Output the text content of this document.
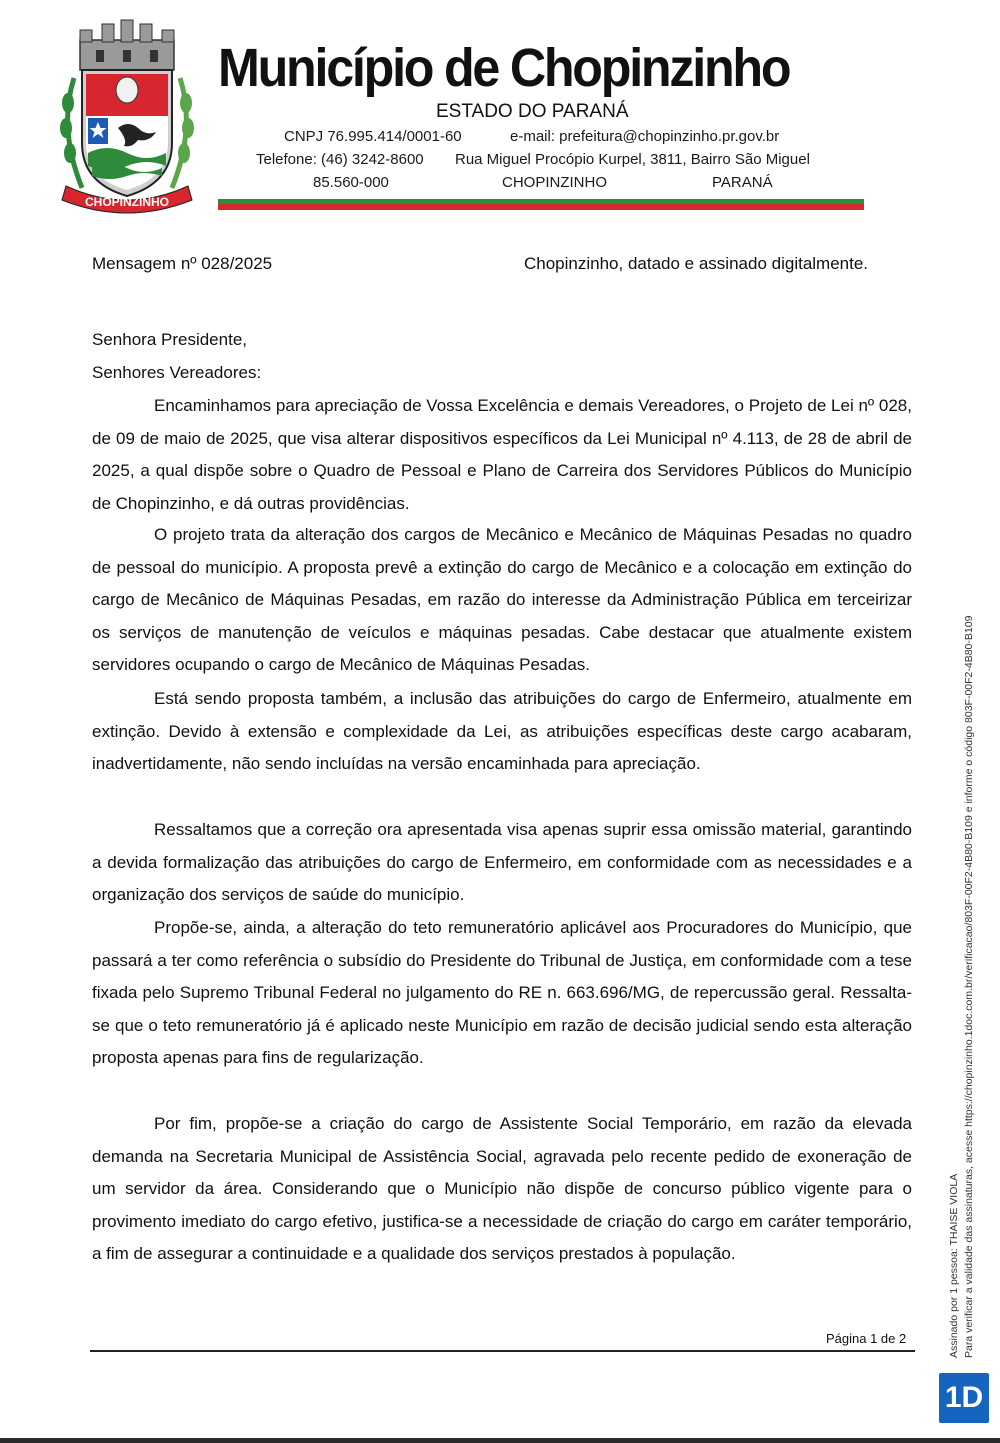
CHOPINZINHO
Município de Chopinzinho
ESTADO DO PARANÁ
CNPJ 76.995.414/0001-60	e-mail: prefeitura@chopinzinho.pr.gov.br
Telefone: (46) 3242-8600 Rua Miguel Procópio Kurpel, 3811, Bairro São Miguel
85.560-000	CHOPINZINHO	PARANÁ
Mensagem nº 028/2025	Chopinzinho, datado e assinado digitalmente.
Senhora Presidente,
Senhores Vereadores:

Encaminhamos para apreciação de Vossa Excelência e demais Vereadores, o Projeto de Lei nº 028, de 09 de maio de 2025, que visa alterar dispositivos específicos da Lei Municipal nº 4.113, de 28 de abril de 2025, a qual dispõe sobre o Quadro de Pessoal e Plano de Carreira dos Servidores Públicos do Município de Chopinzinho, e dá outras providências.

O projeto trata da alteração dos cargos de Mecânico e Mecânico de Máquinas Pesadas no quadro de pessoal do município. A proposta prevê a extinção do cargo de Mecânico e a colocação em extinção do cargo de Mecânico de Máquinas Pesadas, em razão do interesse da Administração Pública em terceirizar os serviços de manutenção de veículos e máquinas pesadas. Cabe destacar que atualmente existem servidores ocupando o cargo de Mecânico de Máquinas Pesadas.

Está sendo proposta também, a inclusão das atribuições do cargo de Enfermeiro, atualmente em extinção. Devido à extensão e complexidade da Lei, as atribuições específicas deste cargo acabaram, inadvertidamente, não sendo incluídas na versão encaminhada para apreciação.

Ressaltamos que a correção ora apresentada visa apenas suprir essa omissão material, garantindo a devida formalização das atribuições do cargo de Enfermeiro, em conformidade com as necessidades e a organização dos serviços de saúde do município.

Propõe-se, ainda, a alteração do teto remuneratório aplicável aos Procuradores do Município, que passará a ter como referência o subsídio do Presidente do Tribunal de Justiça, em conformidade com a tese fixada pelo Supremo Tribunal Federal no julgamento do RE n. 663.696/MG, de repercussão geral. Ressalta-se que o teto remuneratório já é aplicado neste Município em razão de decisão judicial sendo esta alteração proposta apenas para fins de regularização.

Por fim, propõe-se a criação do cargo de Assistente Social Temporário, em razão da elevada demanda na Secretaria Municipal de Assistência Social, agravada pelo recente pedido de exoneração de um servidor da área. Considerando que o Município não dispõe de concurso público vigente para o provimento imediato do cargo efetivo, justifica-se a necessidade de criação do cargo em caráter temporário, a fim de assegurar a continuidade e a qualidade dos serviços prestados à população.

Página 1 de 2	Assinado por 1 pessoa: THAISE VIOLA Para verificar a validade das assinaturas, acesse https://chopinzinho.1doc.com.br/verificacao/803F-00F2-4B80-B109 e informe o código 803F-00F2-4B80-B109
1D
